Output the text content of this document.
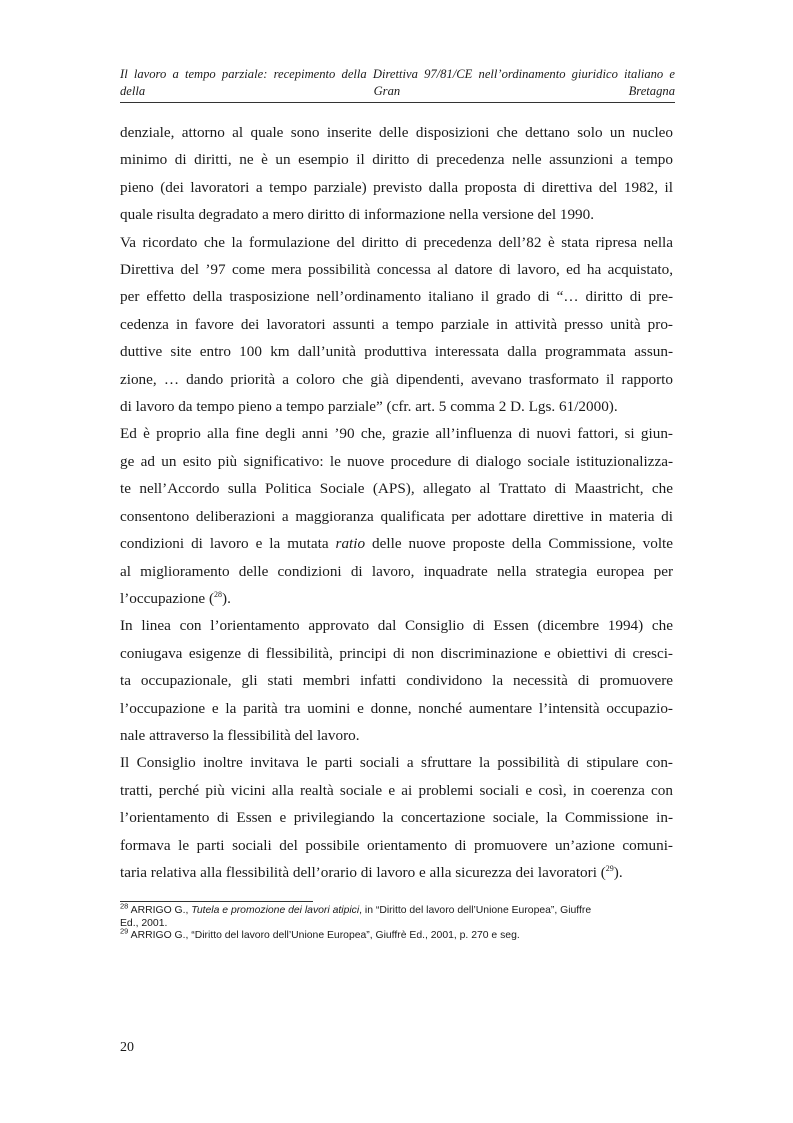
Il lavoro a tempo parziale: recepimento della Direttiva 97/81/CE nell’ordinamento giuridico italiano e
della Gran Bretagna

denziale, attorno al quale sono inserite delle disposizioni che dettano solo un nucleo
minimo di diritti, ne è un esempio il diritto di precedenza nelle assunzioni a tempo
pieno (dei lavoratori a tempo parziale) previsto dalla proposta di direttiva del 1982, il
quale risulta degradato a mero diritto di informazione nella versione del 1990.

Va ricordato che la formulazione del diritto di precedenza dell’82 è stata ripresa nella
Direttiva del ’97 come mera possibilità concessa al datore di lavoro, ed ha acquistato,
per effetto della trasposizione nell’ordinamento italiano il grado di “… diritto di pre-
cedenza in favore dei lavoratori assunti a tempo parziale in attività presso unità pro-
duttive site entro 100 km dall’unità produttiva interessata dalla programmata assun-
zione, … dando priorità a coloro che già dipendenti, avevano trasformato il rapporto
di lavoro da tempo pieno a tempo parziale” (cfr. art. 5 comma 2 D. Lgs. 61/2000).

Ed è proprio alla fine degli anni ’90 che, grazie all’influenza di nuovi fattori, si giun-
ge ad un esito più significativo: le nuove procedure di dialogo sociale istituzionalizza-
te nell’Accordo sulla Politica Sociale (APS), allegato al Trattato di Maastricht, che
consentono deliberazioni a maggioranza qualificata per adottare direttive in materia di
condizioni di lavoro e la mutata ratio delle nuove proposte della Commissione, volte
al miglioramento delle condizioni di lavoro, inquadrate nella strategia europea per
l’occupazione ($^{28}$).

In linea con l’orientamento approvato dal Consiglio di Essen (dicembre 1994) che
coniugava esigenze di flessibilità, principi di non discriminazione e obiettivi di cresci-
ta occupazionale, gli stati membri infatti condividono la necessità di promuovere
l’occupazione e la parità tra uomini e donne, nonché aumentare l’intensità occupazio-
nale attraverso la flessibilità del lavoro.

Il Consiglio inoltre invitava le parti sociali a sfruttare la possibilità di stipulare con-
tratti, perché più vicini alla realtà sociale e ai problemi sociali e così, in coerenza con
l’orientamento di Essen e privilegiando la concertazione sociale, la Commissione in-
formava le parti sociali del possibile orientamento di promuovere un’azione comuni-
taria relativa alla flessibilità dell’orario di lavoro e alla sicurezza dei lavoratori ($^{29}$).

$^{28}$ ARRIGO G., Tutela e promozione dei lavori atipici, in “Diritto del lavoro dell’Unione Europea”, Giuffre
Ed., 2001.
$^{29}$ ARRIGO G., “Diritto del lavoro dell’Unione Europea”, Giuffrè Ed., 2001, p. 270 e seg.
20
